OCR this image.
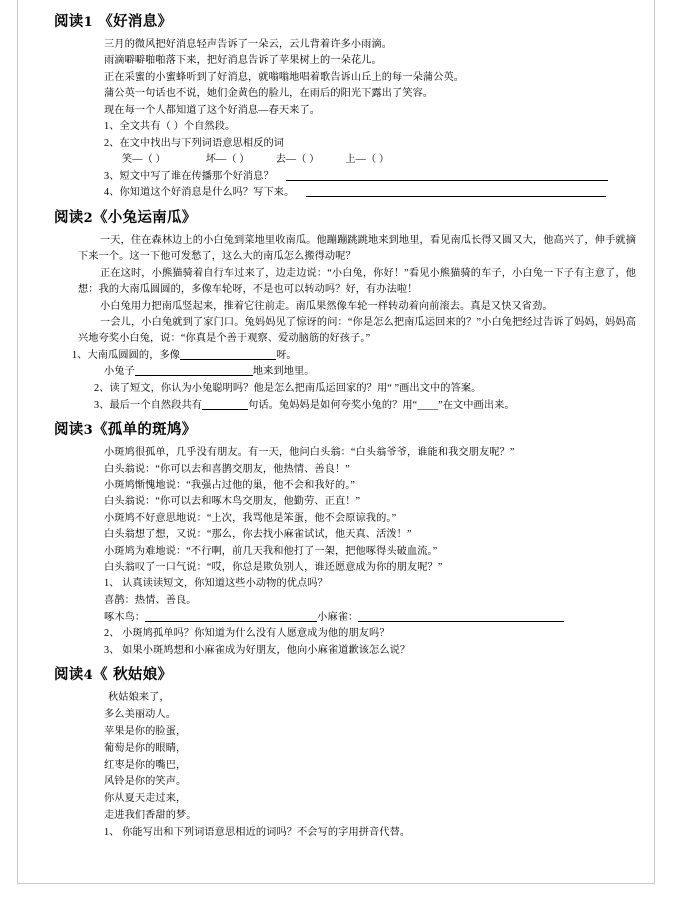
阅读1 《好消息》

三月的微风把好消息轻声告诉了一朵云，云儿背着许多小雨滴。

雨滴噼噼啪啪落下来，把好消息告诉了苹果树上的一朵花儿。

正在采蜜的小蜜蜂听到了好消息，就嗡嗡地唱着歌告诉山丘上的每一朵蒲公英。

蒲公英一句话也不说，她们金黄色的脸儿，在雨后的阳光下露出了笑容。

现在每一个人都知道了这个好消息—春天来了。

1、全文共有（ ）个自然段。

2、在文中找出与下列词语意思相反的词

笑—（ ）	坏—（ ）	去—（ ）	上—（ ）

3、短文中写了谁在传播那个好消息？

4、你知道这个好消息是什么吗？写下来。

阅读2《小兔运南瓜》

一天，住在森林边上的小白兔到菜地里收南瓜。他蹦蹦跳跳地来到地里，看见南瓜长得又圆又大，他高兴了，伸手就摘下来一个。这一下他可发愁了，这么大的南瓜怎么搬得动呢？

正在这时，小熊猫骑着自行车过来了，边走边说：“小白兔，你好！”看见小熊猫骑的车子，小白兔一下子有主意了，他想：我的大南瓜圆圆的，多像车轮呀，不是也可以转动吗？好，有办法啦！

小白兔用力把南瓜竖起来，推着它往前走。南瓜果然像车轮一样转动着向前滚去。真是又快又省劲。

一会儿，小白兔就到了家门口。兔妈妈见了惊讶的问：“你是怎么把南瓜运回来的？”小白兔把经过告诉了妈妈，妈妈高兴地夸奖小白兔，说：“你真是个善于观察、爱动脑筋的好孩子。”

1、大南瓜圆圆的，多像	呀。

小兔子	地来到地里。

2、读了短文，你认为小兔聪明吗？他是怎么把南瓜运回家的？用“ ”画出文中的答案。

3、最后一个自然段共有	句话。兔妈妈是如何夸奖小兔的？用“____”在文中画出来。

阅读3《孤单的斑鸠》

小斑鸠很孤单，几乎没有朋友。有一天，他问白头翁：“白头翁爷爷，谁能和我交朋友呢？”

白头翁说：“你可以去和喜鹊交朋友，他热情、善良！”

小斑鸠惭愧地说：“我强占过他的巢，他不会和我好的。”

白头翁说：“你可以去和啄木鸟交朋友，他勤劳、正直！”

小斑鸠不好意思地说：“上次，我骂他是笨蛋，他不会原谅我的。”

白头翁想了想，又说：“那么，你去找小麻雀试试，他天真、活泼！”

小斑鸠为难地说：“不行啊，前几天我和他打了一架，把他啄得头破血流。”

白头翁叹了一口气说：“哎，你总是欺负别人，谁还愿意成为你的朋友呢？”

1、 认真读读短文，你知道这些小动物的优点吗？

喜鹊：热情、善良。

啄木鸟：	小麻雀：

2、 小斑鸠孤单吗？你知道为什么没有人愿意成为他的朋友吗？

3、 如果小斑鸠想和小麻雀成为好朋友，他向小麻雀道歉该怎么说？

阅读4《 秋姑娘》

秋姑娘来了，

多么美丽动人。

苹果是你的脸蛋，

葡萄是你的眼睛，

红枣是你的嘴巴，

风铃是你的笑声。

你从夏天走过来，

走进我们香甜的梦。

1、 你能写出和下列词语意思相近的词吗？不会写的字用拼音代替。
